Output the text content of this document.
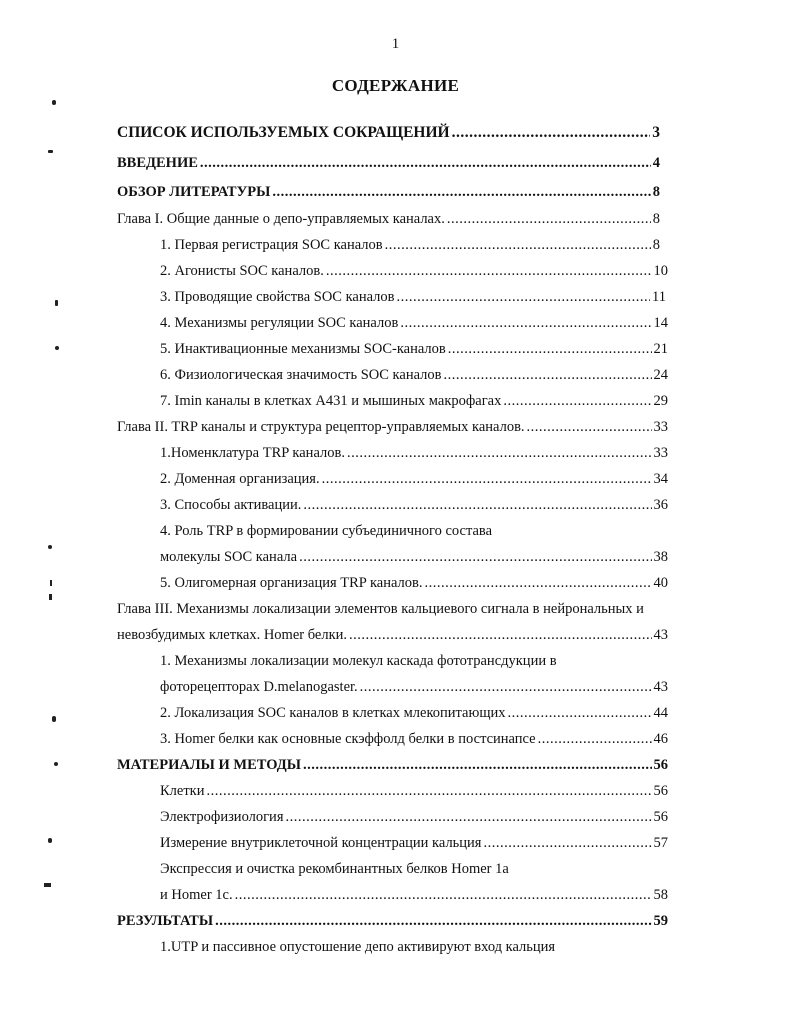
1
СОДЕРЖАНИЕ
СПИСОК ИСПОЛЬЗУЕМЫХ СОКРАЩЕНИЙ .....	3
ВВЕДЕНИЕ .....	4
ОБЗОР ЛИТЕРАТУРЫ .....	8
Глава I. Общие данные о депо-управляемых каналах. .....	8
1. Первая регистрация SOC каналов .....	8
2. Агонисты SOC каналов. .....	10
3. Проводящие свойства SOC каналов .....	11
4. Механизмы регуляции SOC каналов .....	14
5. Инактивационные механизмы SOC-каналов .....	21
6. Физиологическая значимость SOC каналов .....	24
7. Imin каналы в клетках A431 и мышиных макрофагах .....	29
Глава II. TRP каналы и структура рецептор-управляемых каналов. .....	33
1.Номенклатура TRP каналов. .....	33
2. Доменная организация. .....	34
3. Способы активации. .....	36
4. Роль TRP в формировании субъединичного состава
молекулы SOC канала .....	38
5. Олигомерная организация TRP каналов. .....	40
Глава III. Механизмы локализации элементов кальциевого сигнала в нейрональных и
невозбудимых клетках. Homer белки. .....	43
1. Механизмы локализации молекул каскада фототрансдукции в
фоторецепторах D.melanogaster. .....	43
2. Локализация SOC каналов в клетках млекопитающих .....	44
3. Homer белки как основные скэффолд белки в постсинапсе .....	46
МАТЕРИАЛЫ И МЕТОДЫ .....	56
Клетки .....	56
Электрофизиология .....	56
Измерение внутриклеточной концентрации кальция .....	57
Экспрессия и очистка рекомбинантных белков Homer 1a
и Homer 1c. .....	58
РЕЗУЛЬТАТЫ .....	59
1.UTP и пассивное опустошение депо активируют вход кальция
